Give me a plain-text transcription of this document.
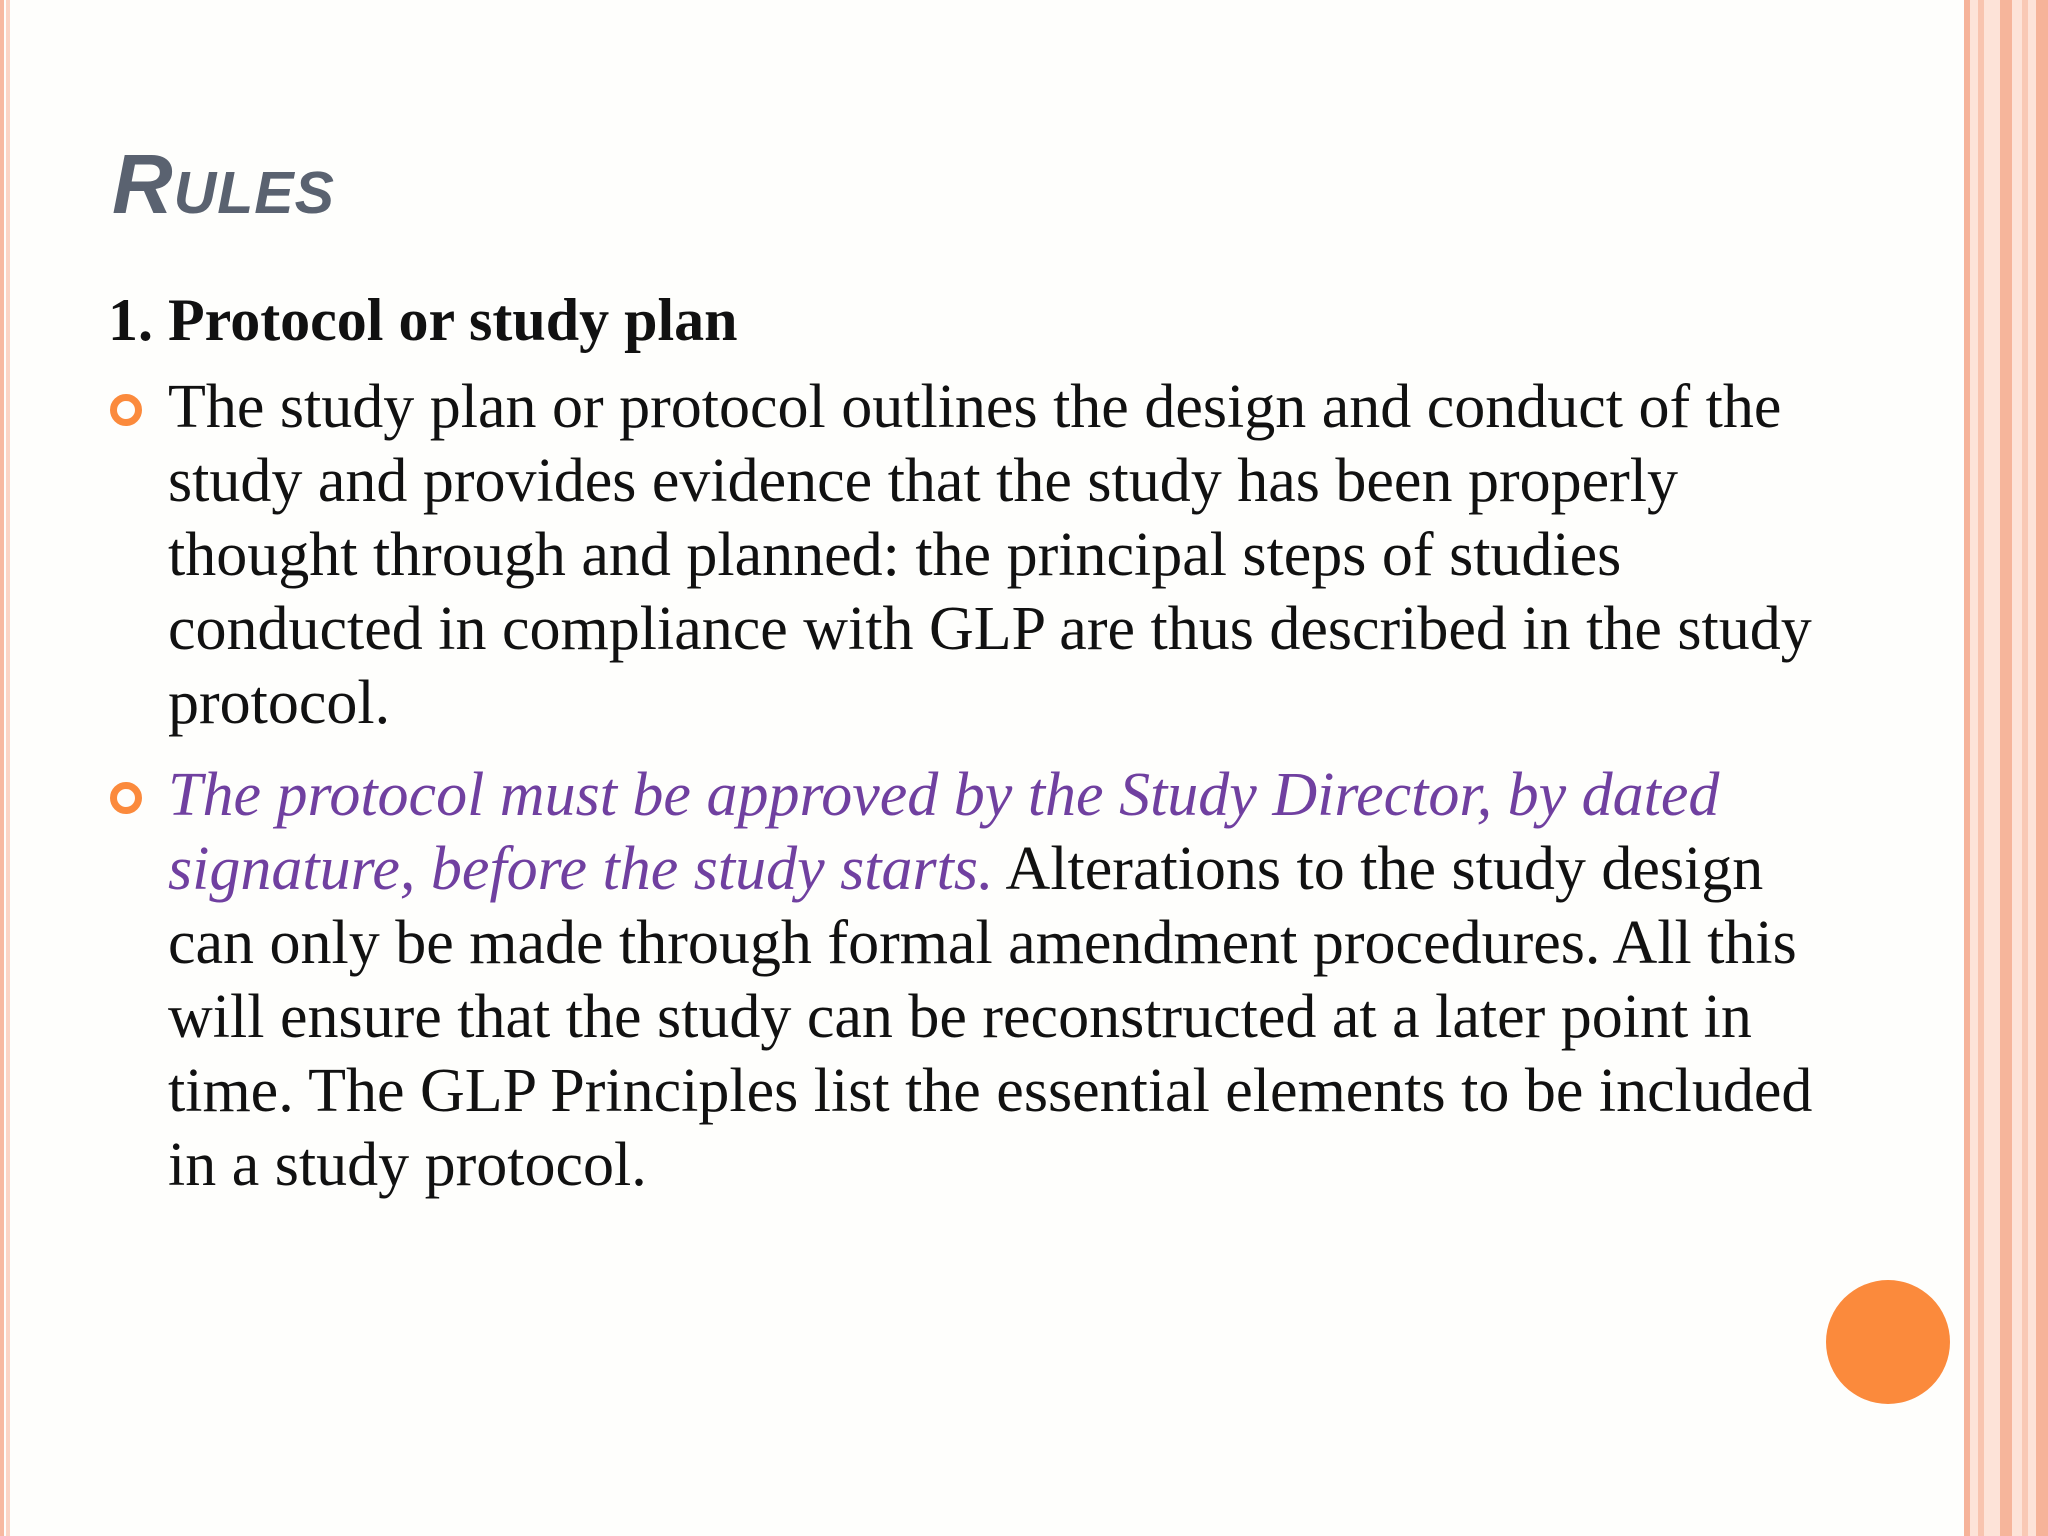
Rules

1. Protocol or study plan

The study plan or protocol outlines the design and conduct of the study and provides evidence that the study has been properly thought through and planned: the principal steps of studies conducted in compliance with GLP are thus described in the study protocol.
The protocol must be approved by the Study Director, by dated signature, before the study starts. Alterations to the study design can only be made through formal amendment procedures. All this will ensure that the study can be reconstructed at a later point in time. The GLP Principles list the essential elements to be included in a study protocol.
